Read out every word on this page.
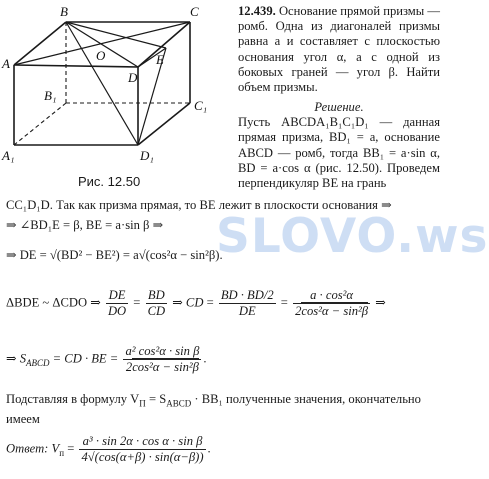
B	C
A
O
D
E
B₁
C₁
A₁	D₁
Рис. 12.50
12.439. Основание прямой призмы — ромб. Одна из диагоналей призмы равна a и составляет с плоскостью основания угол α, а с одной из боковых граней — угол β. Найти объем призмы.
Решение.
Пусть ABCDA₁B₁C₁D₁ — данная прямая призма, BD₁ = a, основание ABCD — ромб, тогда BB₁ = a·sin α, BD = a·cos α (рис. 12.50). Проведем перпендикуляр BE на грань
CC₁D₁D. Так как призма прямая, то BE лежит в плоскости основания ⇒
⇒ ∠BD₁E = β, BE = a·sin β ⇒
⇒ DE = √(BD² − BE²) = a√(cos²α − sin²β).
ΔBDE ~ ΔCDO ⇒ $\frac{DE}{DO} = \frac{BD}{CD}$ ⇒ CD = $\frac{BD \cdot BD/2}{DE} = \frac{\text{a · cos²α}}{\text{2cos²α − sin²β}}$ ⇒
⇒ $S_{ABCD}$ = CD · BE = $\frac{\text{a² cos²α · sin β}}{\text{2cos²α − sin²β}}$ .
Подставляя в формулу $V_П = S_{ABCD} \cdot BB_1$ полученные значения, окончательно имеем
Ответ: $V_п = \frac{\text{a³ · sin 2α · cos α · sin β}}{4√(\cos(\alpha+\beta) \cdot \sin(\alpha-\beta))}$ .
SLOVO.ws
